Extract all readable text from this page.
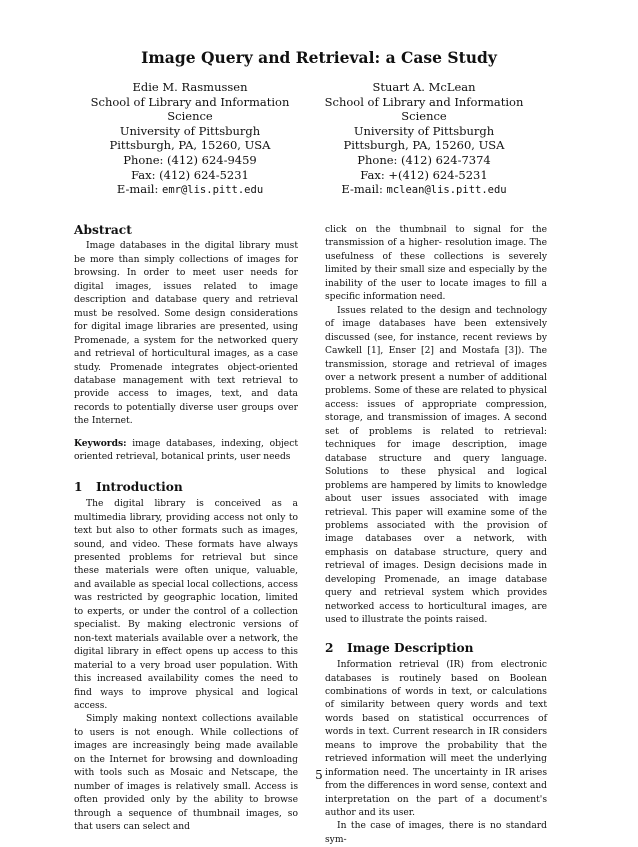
Image Query and Retrieval: a Case Study
Edie M. Rasmussen
School of Library and Information
Science
University of Pittsburgh
Pittsburgh, PA, 15260, USA
Phone: (412) 624-9459
Fax: (412) 624-5231
E-mail: emr@lis.pitt.edu
Stuart A. McLean
School of Library and Information
Science
University of Pittsburgh
Pittsburgh, PA, 15260, USA
Phone: (412) 624-7374
Fax: +(412) 624-5231
E-mail: mclean@lis.pitt.edu
Abstract

Image databases in the digital library must be more than simply collections of images for browsing. In order to meet user needs for digital images, issues related to image description and database query and retrieval must be resolved. Some design considerations for digital image libraries are presented, using Promenade, a system for the networked query and retrieval of horticultural images, as a case study. Promenade integrates object-oriented database management with text retrieval to provide access to images, text, and data records to potentially diverse user groups over the Internet.

Keywords: image databases, indexing, object oriented retrieval, botanical prints, user needs

1 Introduction

The digital library is conceived as a multimedia library, providing access not only to text but also to other formats such as images, sound, and video. These formats have always presented problems for retrieval but since these materials were often unique, valuable, and available as special local collections, access was restricted by geographic location, limited to experts, or under the control of a collection specialist. By making electronic versions of non-text materials available over a network, the digital library in effect opens up access to this material to a very broad user population. With this increased availability comes the need to find ways to improve physical and logical access.

Simply making nontext collections available to users is not enough. While collections of images are increasingly being made available on the Internet for browsing and downloading with tools such as Mosaic and Netscape, the number of images is relatively small. Access is often provided only by the ability to browse through a sequence of thumbnail images, so that users can select and

click on the thumbnail to signal for the transmission of a higher- resolution image. The usefulness of these collections is severely limited by their small size and especially by the inability of the user to locate images to fill a specific information need.

Issues related to the design and technology of image databases have been extensively discussed (see, for instance, recent reviews by Cawkell [1], Enser [2] and Mostafa [3]). The transmission, storage and retrieval of images over a network present a number of additional problems. Some of these are related to physical access: issues of appropriate compression, storage, and transmission of images. A second set of problems is related to retrieval: techniques for image description, image database structure and query language. Solutions to these physical and logical problems are hampered by limits to knowledge about user issues associated with image retrieval. This paper will examine some of the problems associated with the provision of image databases over a network, with emphasis on database structure, query and retrieval of images. Design decisions made in developing Promenade, an image database query and retrieval system which provides networked access to horticultural images, are used to illustrate the points raised.

2 Image Description

Information retrieval (IR) from electronic databases is routinely based on Boolean combinations of words in text, or calculations of similarity between query words and text words based on statistical occurrences of words in text. Current research in IR considers means to improve the probability that the retrieved information will meet the underlying information need. The uncertainty in IR arises from the differences in word sense, context and interpretation on the part of a document's author and its user.

In the case of images, there is no standard sym-

5
